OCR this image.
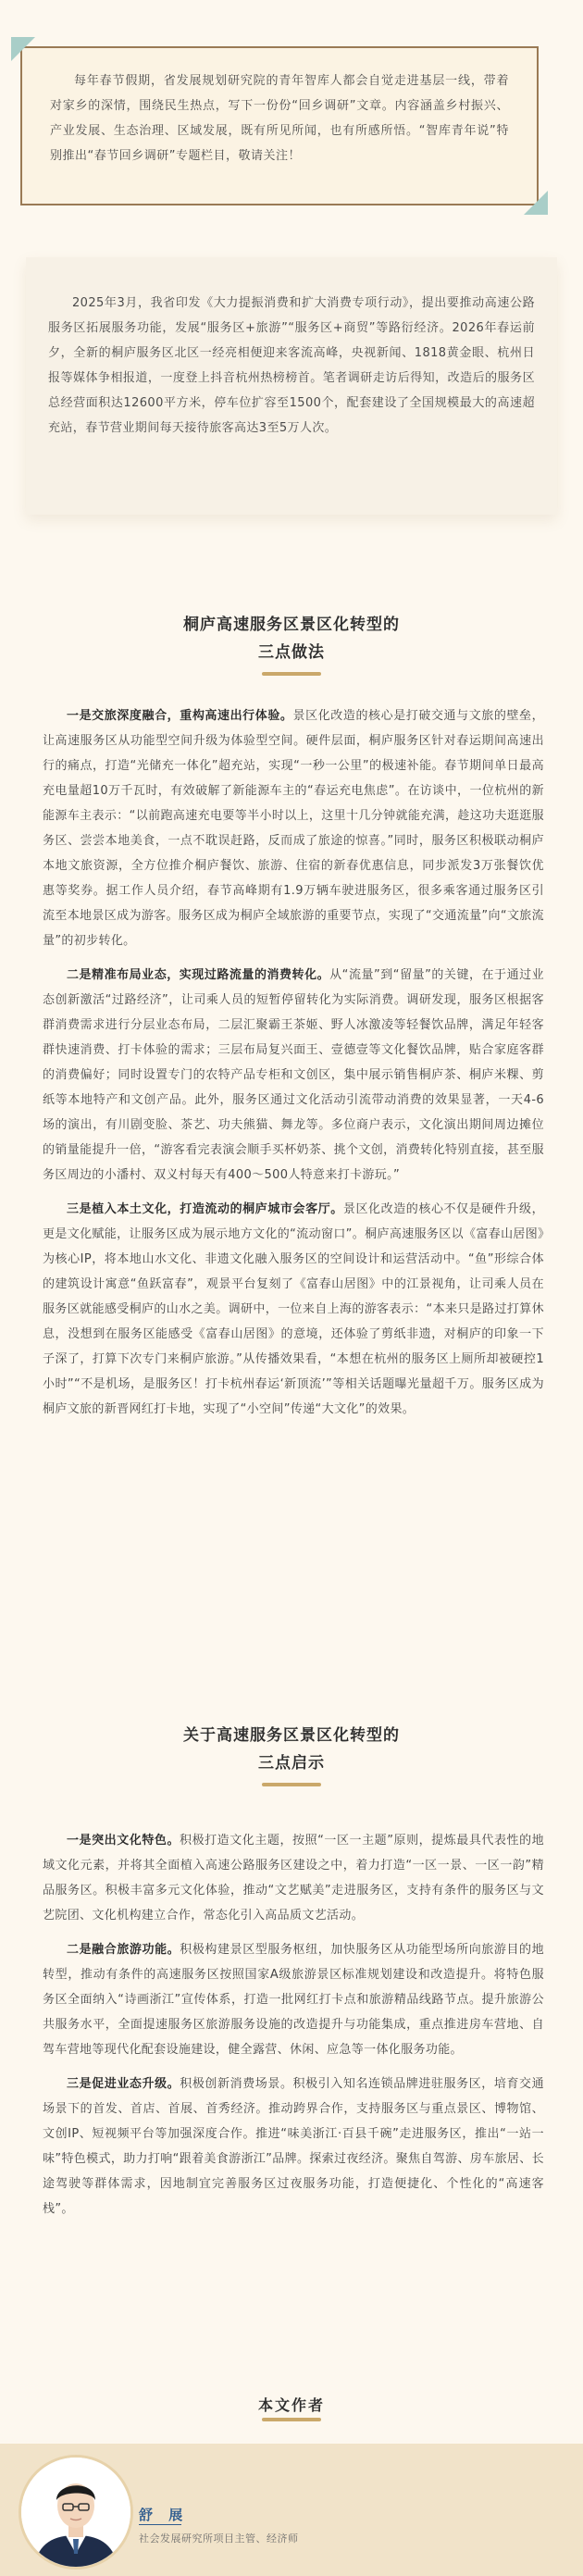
每年春节假期，省发展规划研究院的青年智库人都会自觉走进基层一线，带着对家乡的深情，围绕民生热点，写下一份份“回乡调研”文章。内容涵盖乡村振兴、产业发展、生态治理、区域发展，既有所见所闻，也有所感所悟。“智库青年说”特别推出“春节回乡调研”专题栏目，敬请关注！

2025年3月，我省印发《大力提振消费和扩大消费专项行动》，提出要推动高速公路服务区拓展服务功能，发展“服务区+旅游”“服务区+商贸”等路衍经济。2026年春运前夕，全新的桐庐服务区北区一经亮相便迎来客流高峰，央视新闻、1818黄金眼、杭州日报等媒体争相报道，一度登上抖音杭州热榜榜首。笔者调研走访后得知，改造后的服务区总经营面积达12600平方米，停车位扩容至1500个，配套建设了全国规模最大的高速超充站，春节营业期间每天接待旅客高达3至5万人次。

桐庐高速服务区景区化转型的
三点做法

一是交旅深度融合，重构高速出行体验。景区化改造的核心是打破交通与文旅的壁垒，让高速服务区从功能型空间升级为体验型空间。硬件层面，桐庐服务区针对春运期间高速出行的痛点，打造“光储充一体化”超充站，实现“一秒一公里”的极速补能。春节期间单日最高充电量超10万千瓦时，有效破解了新能源车主的“春运充电焦虑”。在访谈中，一位杭州的新能源车主表示：“以前跑高速充电要等半小时以上，这里十几分钟就能充满，趁这功夫逛逛服务区、尝尝本地美食，一点不耽误赶路，反而成了旅途的惊喜。”同时，服务区积极联动桐庐本地文旅资源，全方位推介桐庐餐饮、旅游、住宿的新春优惠信息，同步派发3万张餐饮优惠等奖券。据工作人员介绍，春节高峰期有1.9万辆车驶进服务区，很多乘客通过服务区引流至本地景区成为游客。服务区成为桐庐全域旅游的重要节点，实现了“交通流量”向“文旅流量”的初步转化。

二是精准布局业态，实现过路流量的消费转化。从“流量”到“留量”的关键，在于通过业态创新激活“过路经济”，让司乘人员的短暂停留转化为实际消费。调研发现，服务区根据客群消费需求进行分层业态布局，二层汇聚霸王茶姬、野人冰激凌等轻餐饮品牌，满足年轻客群快速消费、打卡体验的需求；三层布局复兴面王、壹德壹等文化餐饮品牌，贴合家庭客群的消费偏好；同时设置专门的农特产品专柜和文创区，集中展示销售桐庐茶、桐庐米粿、剪纸等本地特产和文创产品。此外，服务区通过文化活动引流带动消费的效果显著，一天4-6场的演出，有川剧变脸、茶艺、功夫熊猫、舞龙等。多位商户表示，文化演出期间周边摊位的销量能提升一倍，“游客看完表演会顺手买杯奶茶、挑个文创，消费转化特别直接，甚至服务区周边的小潘村、双义村每天有400～500人特意来打卡游玩。”

三是植入本土文化，打造流动的桐庐城市会客厅。景区化改造的核心不仅是硬件升级，更是文化赋能，让服务区成为展示地方文化的“流动窗口”。桐庐高速服务区以《富春山居图》为核心IP，将本地山水文化、非遗文化融入服务区的空间设计和运营活动中。“鱼”形综合体的建筑设计寓意“鱼跃富春”，观景平台复刻了《富春山居图》中的江景视角，让司乘人员在服务区就能感受桐庐的山水之美。调研中，一位来自上海的游客表示：“本来只是路过打算休息，没想到在服务区能感受《富春山居图》的意境，还体验了剪纸非遗，对桐庐的印象一下子深了，打算下次专门来桐庐旅游。”从传播效果看，“本想在杭州的服务区上厕所却被硬控1小时”“不是机场，是服务区！打卡杭州春运‘新顶流’”等相关话题曝光量超千万。服务区成为桐庐文旅的新晋网红打卡地，实现了“小空间”传递“大文化”的效果。

关于高速服务区景区化转型的
三点启示

一是突出文化特色。积极打造文化主题，按照“一区一主题”原则，提炼最具代表性的地域文化元素，并将其全面植入高速公路服务区建设之中，着力打造“一区一景、一区一韵”精品服务区。积极丰富多元文化体验，推动“文艺赋美”走进服务区，支持有条件的服务区与文艺院团、文化机构建立合作，常态化引入高品质文艺活动。

二是融合旅游功能。积极构建景区型服务枢纽，加快服务区从功能型场所向旅游目的地转型，推动有条件的高速服务区按照国家A级旅游景区标准规划建设和改造提升。将特色服务区全面纳入“诗画浙江”宣传体系，打造一批网红打卡点和旅游精品线路节点。提升旅游公共服务水平，全面提速服务区旅游服务设施的改造提升与功能集成，重点推进房车营地、自驾车营地等现代化配套设施建设，健全露营、休闲、应急等一体化服务功能。

三是促进业态升级。积极创新消费场景。积极引入知名连锁品牌进驻服务区，培育交通场景下的首发、首店、首展、首秀经济。推动跨界合作，支持服务区与重点景区、博物馆、文创IP、短视频平台等加强深度合作。推进“味美浙江·百县千碗”走进服务区，推出“一站一味”特色模式，助力打响“跟着美食游浙江”品牌。探索过夜经济。聚焦自驾游、房车旅居、长途驾驶等群体需求，因地制宜完善服务区过夜服务功能，打造便捷化、个性化的“高速客栈”。

本文作者
舒 展
社会发展研究所项目主管、经济师
